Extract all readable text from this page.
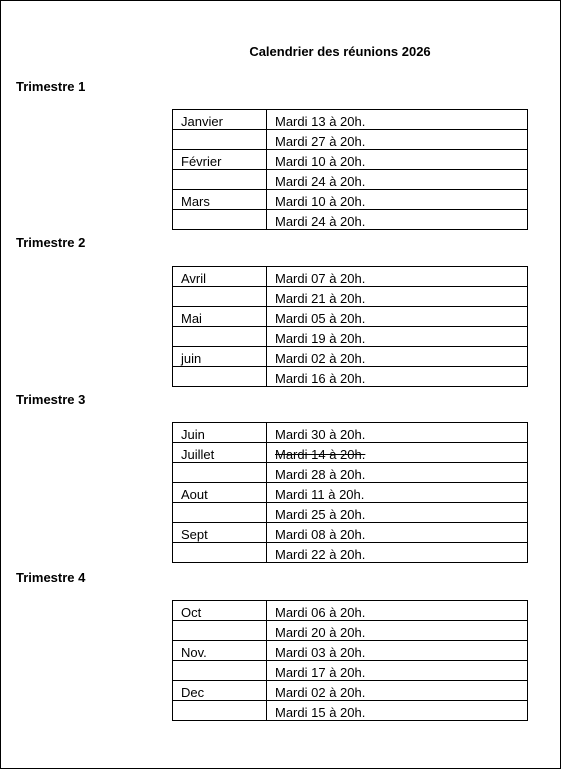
Calendrier des réunions 2026
Trimestre 1
Janvier	Mardi 13 à 20h.
	Mardi 27 à 20h.
Février	Mardi 10 à 20h.
	Mardi 24 à 20h.
Mars	Mardi 10 à 20h.
	Mardi 24 à 20h.
Trimestre 2
Avril	Mardi 07 à 20h.
	Mardi 21 à 20h.
Mai	Mardi 05 à 20h.
	Mardi 19 à 20h.
juin	Mardi 02 à 20h.
	Mardi 16 à 20h.
Trimestre 3
Juin	Mardi 30 à 20h.
Juillet	Mardi 14 à 20h.
	Mardi 28 à 20h.
Aout	Mardi 11 à 20h.
	Mardi 25 à 20h.
Sept	Mardi 08 à 20h.
	Mardi 22 à 20h.
Trimestre 4
Oct	Mardi 06 à 20h.
	Mardi 20 à 20h.
Nov.	Mardi 03 à 20h.
	Mardi 17 à 20h.
Dec	Mardi 02 à 20h.
	Mardi 15 à 20h.
